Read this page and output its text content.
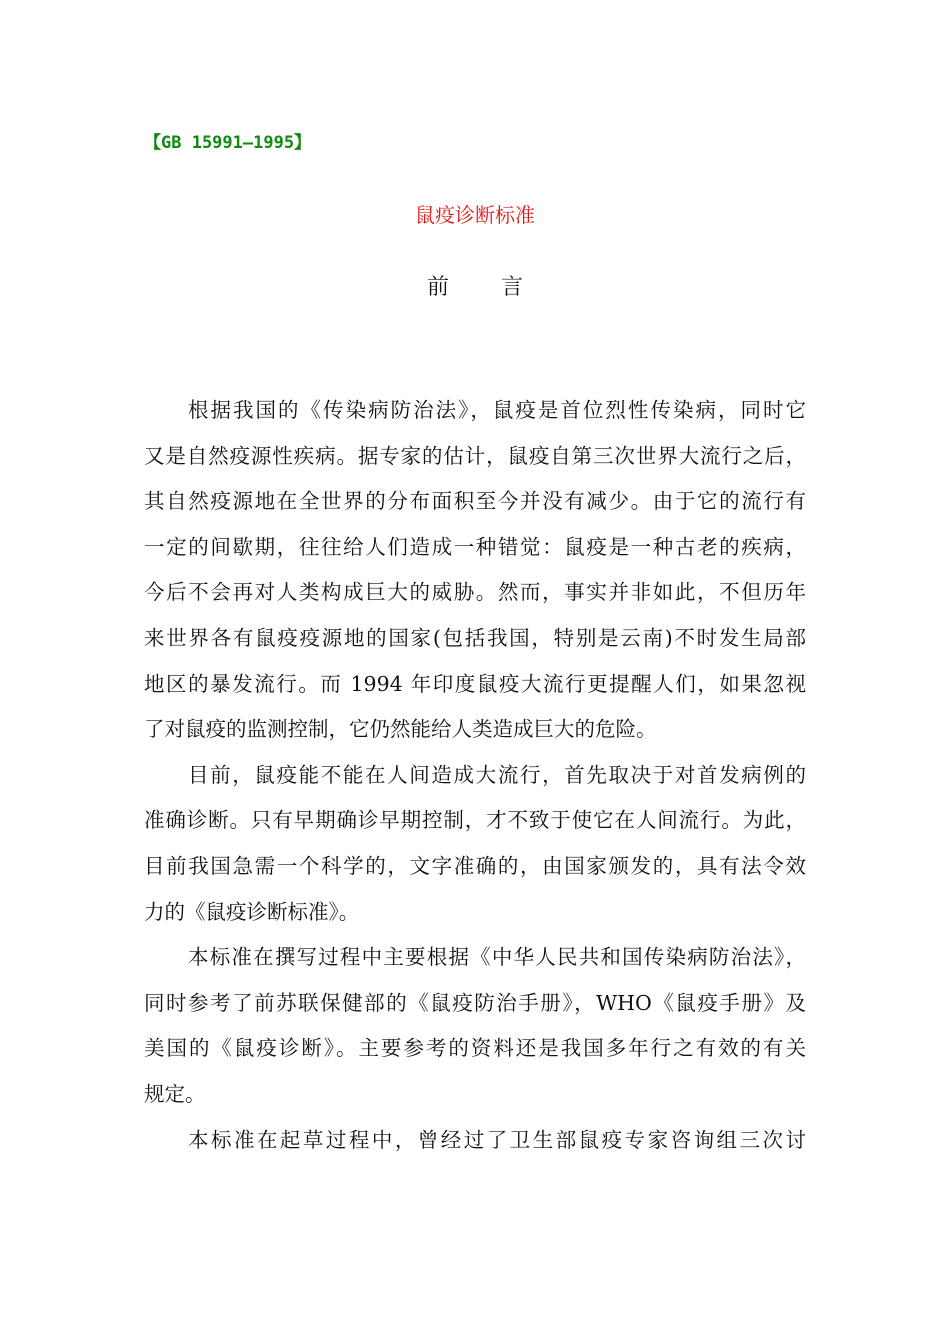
【GB 15991—1995】
鼠疫诊断标准
前 言
根据我国的《传染病防治法》，鼠疫是首位烈性传染病，同时它
又是自然疫源性疾病。据专家的估计，鼠疫自第三次世界大流行之后，
其自然疫源地在全世界的分布面积至今并没有减少。由于它的流行有
一定的间歇期，往往给人们造成一种错觉：鼠疫是一种古老的疾病，
今后不会再对人类构成巨大的威胁。然而，事实并非如此，不但历年
来世界各有鼠疫疫源地的国家(包括我国，特别是云南)不时发生局部
地区的暴发流行。而 1994 年印度鼠疫大流行更提醒人们，如果忽视
了对鼠疫的监测控制，它仍然能给人类造成巨大的危险。
目前，鼠疫能不能在人间造成大流行，首先取决于对首发病例的
准确诊断。只有早期确诊早期控制，才不致于使它在人间流行。为此，
目前我国急需一个科学的，文字准确的，由国家颁发的，具有法令效
力的《鼠疫诊断标准》。
本标准在撰写过程中主要根据《中华人民共和国传染病防治法》，
同时参考了前苏联保健部的《鼠疫防治手册》，WHO《鼠疫手册》及
美国的《鼠疫诊断》。主要参考的资料还是我国多年行之有效的有关
规定。
本标准在起草过程中，曾经过了卫生部鼠疫专家咨询组三次讨
